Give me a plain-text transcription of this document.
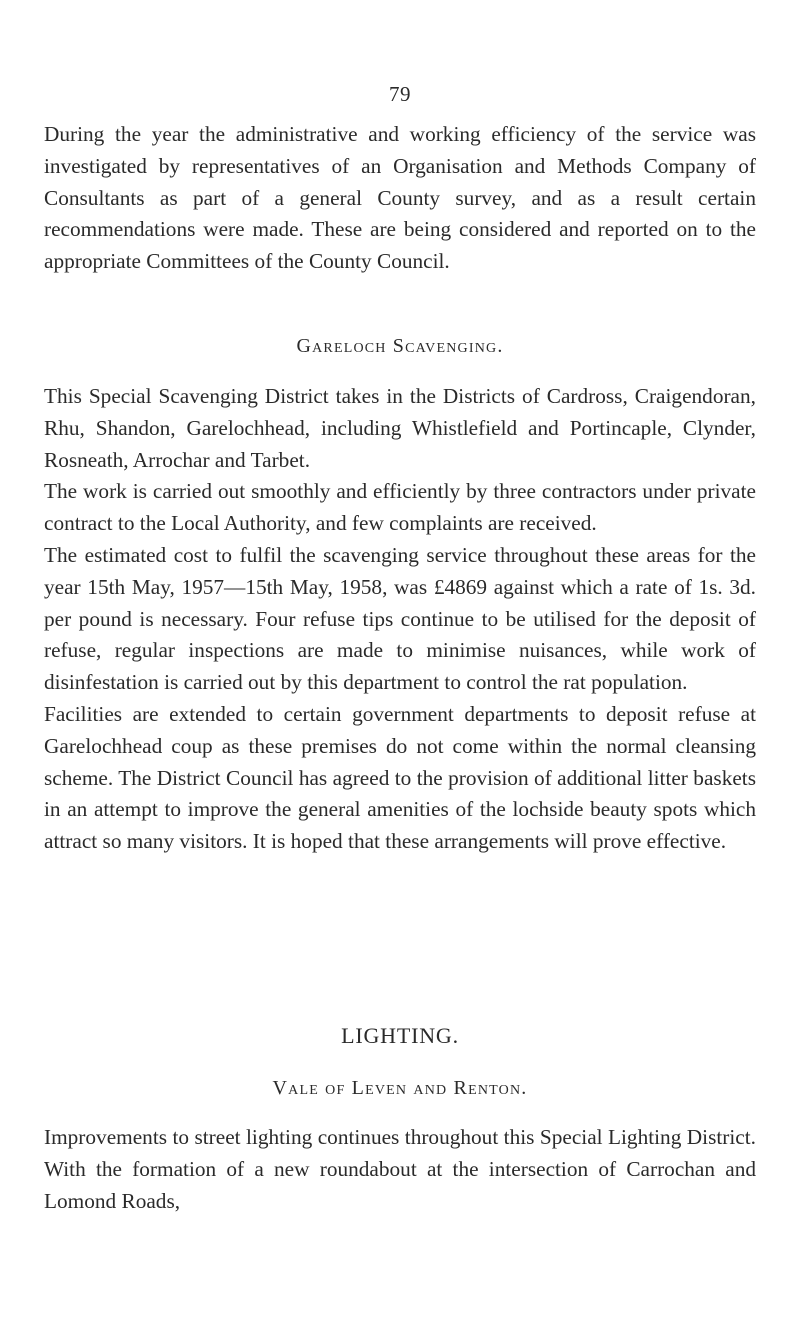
79

During the year the administrative and working efficiency of the service was investigated by representatives of an Organisation and Methods Company of Consultants as part of a general County survey, and as a result certain recommendations were made. These are being considered and reported on to the appropriate Committees of the County Council.

Gareloch Scavenging.

This Special Scavenging District takes in the Districts of Cardross, Craigendoran, Rhu, Shandon, Garelochhead, including Whistlefield and Portincaple, Clynder, Rosneath, Arrochar and Tarbet.

The work is carried out smoothly and efficiently by three contractors under private contract to the Local Authority, and few complaints are received.

The estimated cost to fulfil the scavenging service throughout these areas for the year 15th May, 1957—15th May, 1958, was £4869 against which a rate of 1s. 3d. per pound is necessary. Four refuse tips continue to be utilised for the deposit of refuse, regular inspections are made to minimise nuisances, while work of disinfestation is carried out by this department to control the rat population.

Facilities are extended to certain government departments to deposit refuse at Garelochhead coup as these premises do not come within the normal cleansing scheme. The District Council has agreed to the provision of additional litter baskets in an attempt to improve the general amenities of the lochside beauty spots which attract so many visitors. It is hoped that these arrangements will prove effective.

LIGHTING.
Vale of Leven and Renton.

Improvements to street lighting continues throughout this Special Lighting District. With the formation of a new roundabout at the intersection of Carrochan and Lomond Roads,
